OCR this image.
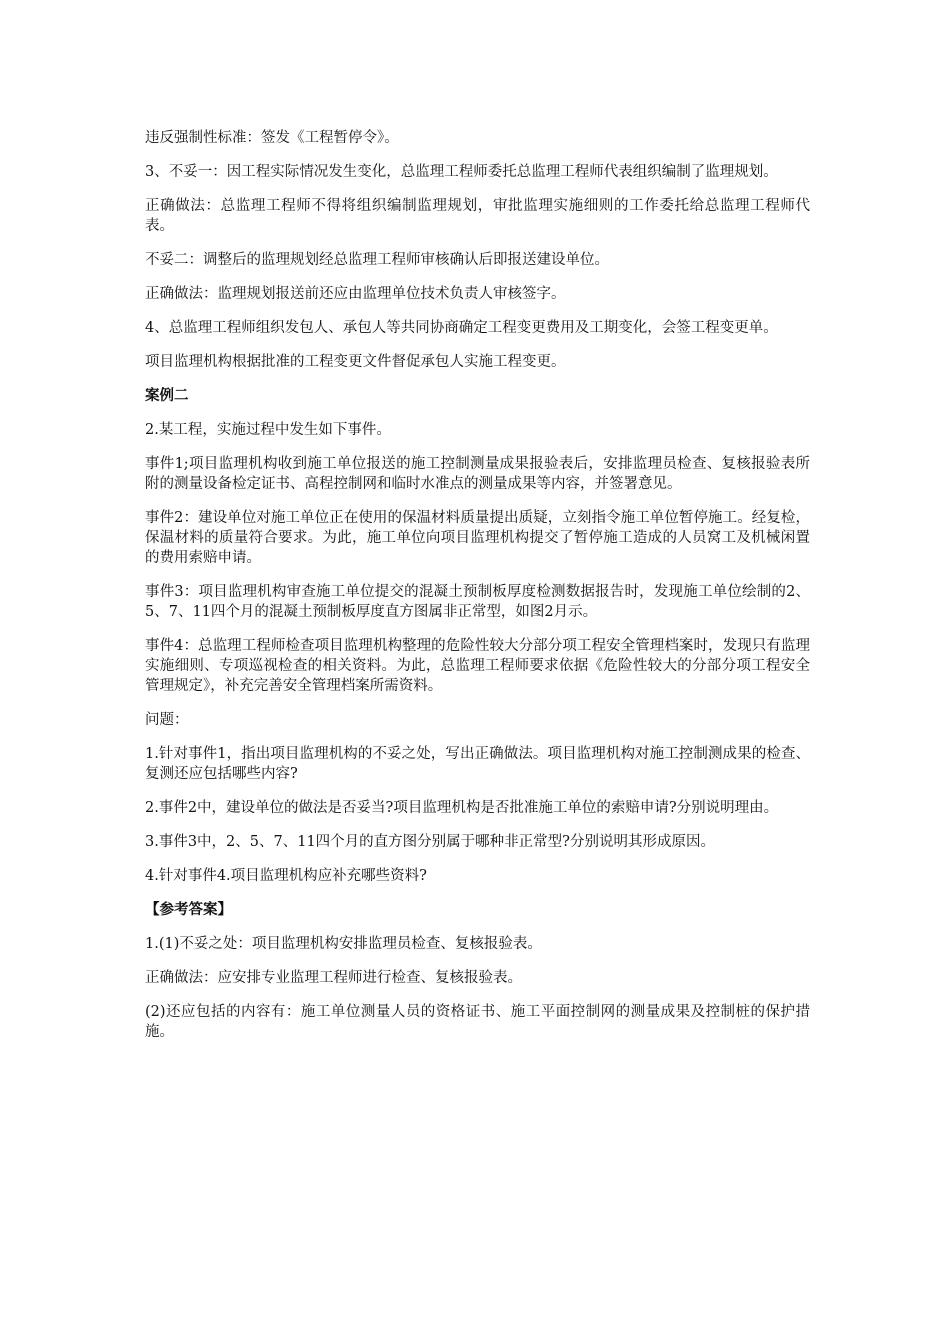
违反强制性标准：签发《工程暂停令》。

3、不妥一：因工程实际情况发生变化，总监理工程师委托总监理工程师代表组织编制了监理规划。

正确做法：总监理工程师不得将组织编制监理规划，审批监理实施细则的工作委托给总监理工程师代表。

不妥二：调整后的监理规划经总监理工程师审核确认后即报送建设单位。

正确做法：监理规划报送前还应由监理单位技术负责人审核签字。

4、总监理工程师组织发包人、承包人等共同协商确定工程变更费用及工期变化，会签工程变更单。

项目监理机构根据批准的工程变更文件督促承包人实施工程变更。

案例二

2.某工程，实施过程中发生如下事件。

事件1;项目监理机构收到施工单位报送的施工控制测量成果报验表后，安排监理员检查、复核报验表所附的测量设备检定证书、高程控制网和临时水准点的测量成果等内容，并签署意见。

事件2：建设单位对施工单位正在使用的保温材料质量提出质疑，立刻指令施工单位暂停施工。经复检，保温材料的质量符合要求。为此，施工单位向项目监理机构提交了暂停施工造成的人员窝工及机械闲置的费用索赔申请。

事件3：项目监理机构审查施工单位提交的混凝土预制板厚度检测数据报告时，发现施工单位绘制的2、5、7、11四个月的混凝土预制板厚度直方图属非正常型，如图2月示。

事件4：总监理工程师检查项目监理机构整理的危险性较大分部分项工程安全管理档案时，发现只有监理实施细则、专项巡视检查的相关资料。为此，总监理工程师要求依据《危险性较大的分部分项工程安全管理规定》，补充完善安全管理档案所需资料。

问题：

1.针对事件1，指出项目监理机构的不妥之处，写出正确做法。项目监理机构对施工控制测成果的检查、复测还应包括哪些内容?

2.事件2中，建设单位的做法是否妥当?项目监理机构是否批准施工单位的索赔申请?分别说明理由。

3.事件3中，2、5、7、11四个月的直方图分别属于哪种非正常型?分别说明其形成原因。

4.针对事件4.项目监理机构应补充哪些资料?

【参考答案】

1.(1)不妥之处：项目监理机构安排监理员检查、复核报验表。

正确做法：应安排专业监理工程师进行检查、复核报验表。

(2)还应包括的内容有：施工单位测量人员的资格证书、施工平面控制网的测量成果及控制桩的保护措施。
